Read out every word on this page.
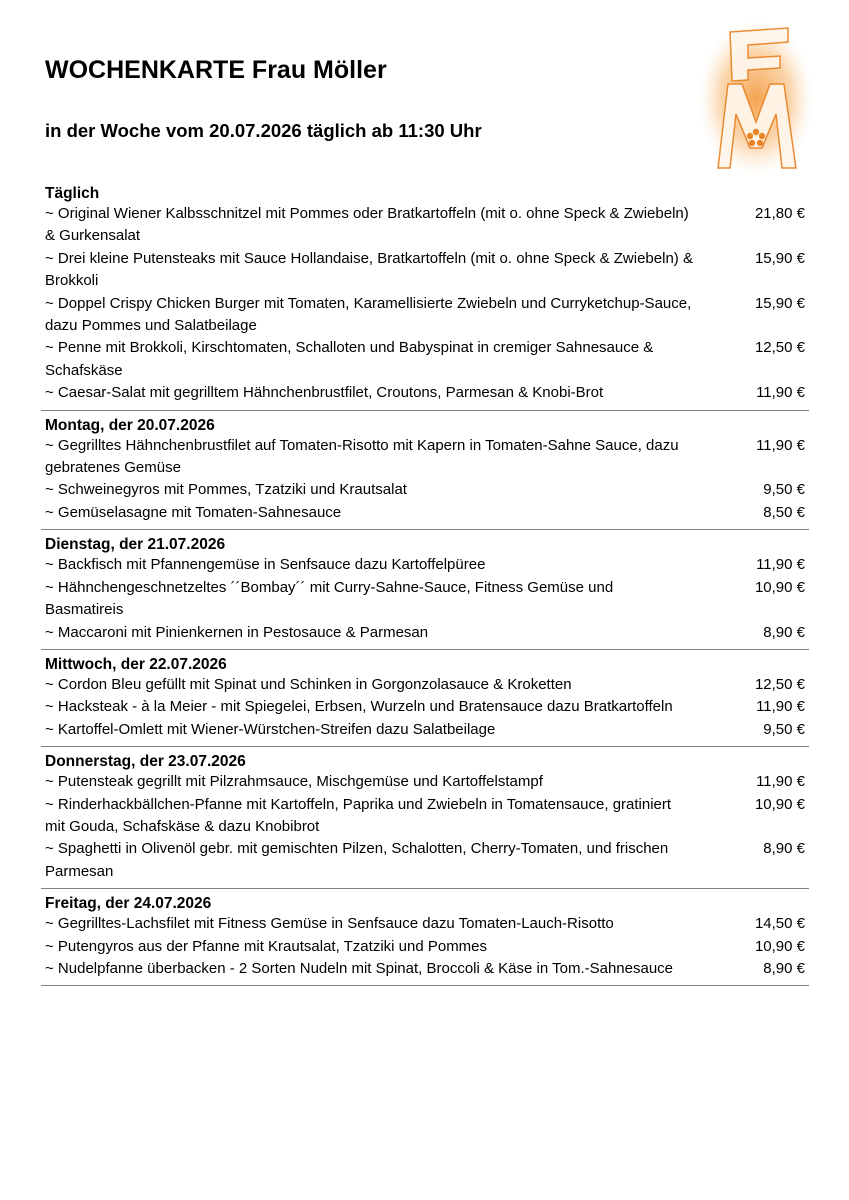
WOCHENKARTE Frau Möller
in der Woche vom 20.07.2026 täglich ab 11:30 Uhr
Täglich
~ Original Wiener Kalbsschnitzel mit Pommes oder Bratkartoffeln (mit o. ohne Speck & Zwiebeln) & Gurkensalat
21,80 €
~ Drei kleine Putensteaks mit Sauce Hollandaise, Bratkartoffeln (mit o. ohne Speck & Zwiebeln) & Brokkoli
15,90 €
~ Doppel Crispy Chicken Burger mit Tomaten, Karamellisierte Zwiebeln und Curryketchup-Sauce, dazu Pommes und Salatbeilage
15,90 €
~ Penne mit Brokkoli, Kirschtomaten, Schalloten und Babyspinat in cremiger Sahnesauce & Schafskäse
12,50 €
~ Caesar-Salat mit gegrilltem Hähnchenbrustfilet, Croutons, Parmesan & Knobi-Brot	11,90 €
Montag, der 20.07.2026
~ Gegrilltes Hähnchenbrustfilet auf Tomaten-Risotto mit Kapern in Tomaten-Sahne Sauce, dazu gebratenes Gemüse
11,90 €
~ Schweinegyros mit Pommes, Tzatziki und Krautsalat	9,50 €
~ Gemüselasagne mit Tomaten-Sahnesauce	8,50 €
Dienstag, der 21.07.2026
~ Backfisch mit Pfannengemüse in Senfsauce dazu Kartoffelpüree	11,90 €
~ Hähnchengeschnetzeltes ´´Bombay´´ mit Curry-Sahne-Sauce, Fitness Gemüse und Basmatireis
10,90 €
~ Maccaroni mit Pinienkernen in Pestosauce & Parmesan	8,90 €
Mittwoch, der 22.07.2026
~ Cordon Bleu gefüllt mit Spinat und Schinken in Gorgonzolasauce & Kroketten	12,50 €
~ Hacksteak - à la Meier - mit Spiegelei, Erbsen, Wurzeln und Bratensauce dazu Bratkartoffeln	11,90 €
~ Kartoffel-Omlett mit Wiener-Würstchen-Streifen dazu Salatbeilage	9,50 €
Donnerstag, der 23.07.2026
~ Putensteak gegrillt mit Pilzrahmsauce, Mischgemüse und Kartoffelstampf	11,90 €
~ Rinderhackbällchen-Pfanne mit Kartoffeln, Paprika und Zwiebeln in Tomatensauce, gratiniert mit Gouda, Schafskäse & dazu Knobibrot
10,90 €
~ Spaghetti in Olivenöl gebr. mit gemischten Pilzen, Schalotten, Cherry-Tomaten, und frischen Parmesan
8,90 €
Freitag, der 24.07.2026
~ Gegrilltes-Lachsfilet mit Fitness Gemüse in Senfsauce dazu Tomaten-Lauch-Risotto	14,50 €
~ Putengyros aus der Pfanne mit Krautsalat, Tzatziki und Pommes	10,90 €
~ Nudelpfanne überbacken - 2 Sorten Nudeln mit Spinat, Broccoli & Käse in Tom.-Sahnesauce	8,90 €
